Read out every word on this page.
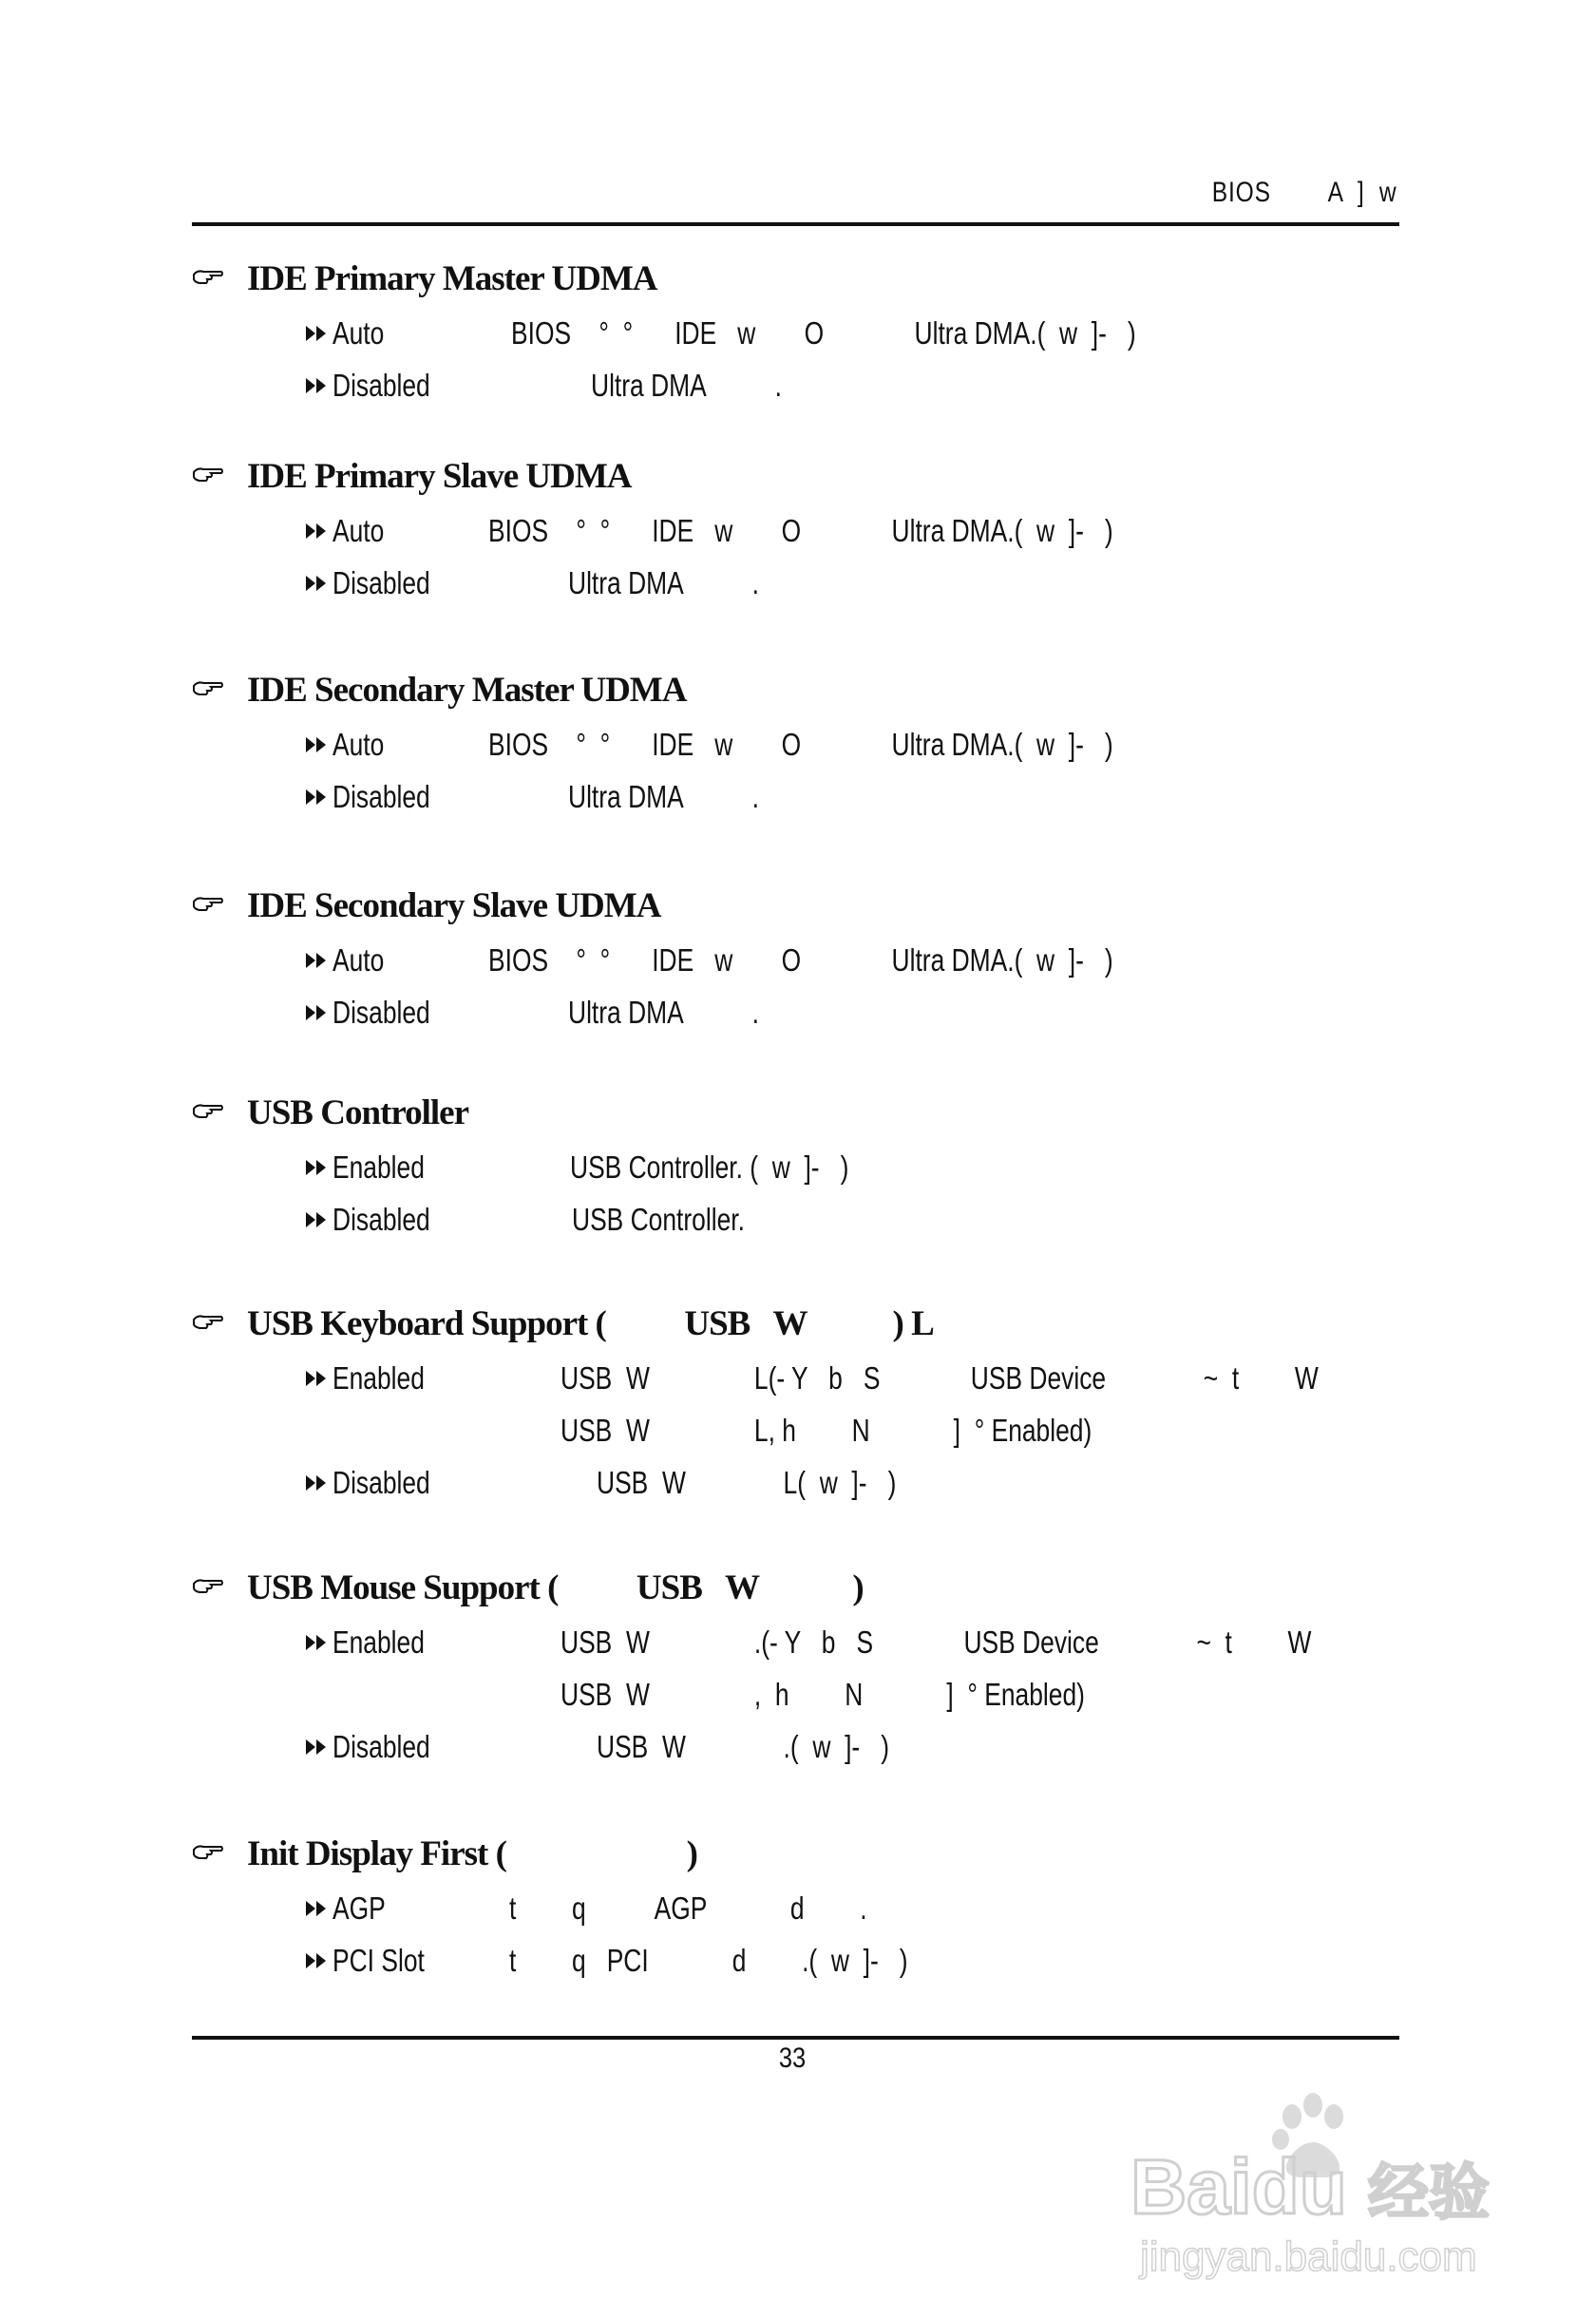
BIOS        A  ]  w
IDE Primary Master UDMA
Auto	BIOS    °  °      IDE   w       O             Ultra DMA.(  w  ]-   )
Disabled	Ultra DMA          .
IDE Primary Slave UDMA
Auto	BIOS    °  °      IDE   w       O             Ultra DMA.(  w  ]-   )
Disabled	Ultra DMA          .
IDE Secondary Master UDMA
Auto	BIOS    °  °      IDE   w       O             Ultra DMA.(  w  ]-   )
Disabled	Ultra DMA          .
IDE Secondary Slave UDMA
Auto	BIOS    °  °      IDE   w       O             Ultra DMA.(  w  ]-   )
Disabled	Ultra DMA          .
USB Controller
Enabled	USB Controller. (  w  ]-   )
Disabled	USB Controller.
USB Keyboard Support (          USB   W           ) L
Enabled	USB  W               L(- Y   b   S             USB Device              ~  t        W
USB  W               L, h        N            ]  ° Enabled)
Disabled	USB  W              L(  w  ]-   )
USB Mouse Support (          USB   W            )
Enabled	USB  W               .(- Y   b   S             USB Device              ~  t        W
USB  W               ,  h        N            ]  ° Enabled)
Disabled	USB  W              .(  w  ]-   )
Init Display First (                       )
AGP	t        q          AGP            d        .
PCI Slot	t        q   PCI            d        .(  w  ]-   )
33
Baidu 经验
jingyan.baidu.com
